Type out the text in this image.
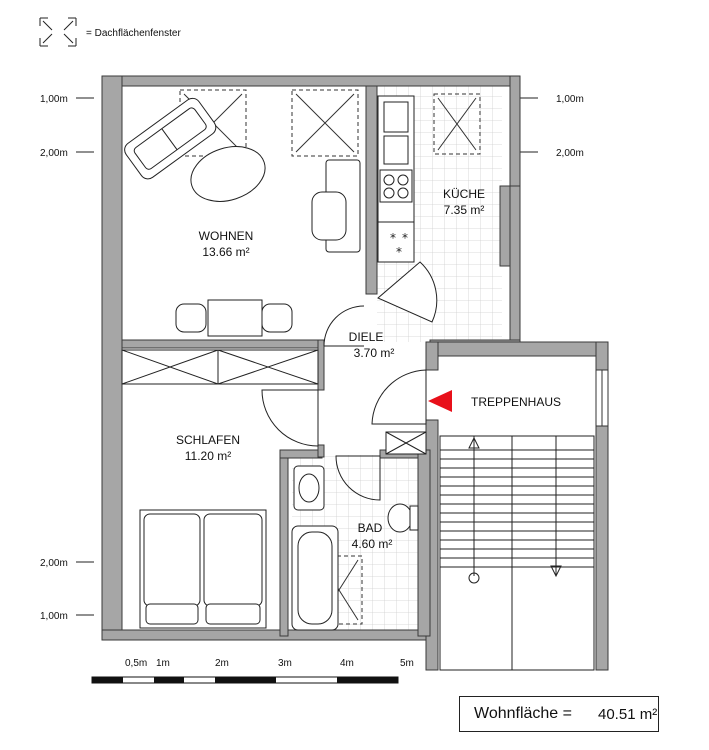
= Dachflächenfenster
1,00m
2,00m
1,00m
2,00m
2,00m
1,00m
* *
*
WOHNEN
13.66 m²
KÜCHE
7.35 m²
DIELE
3.70 m²
SCHLAFEN
11.20 m²
BAD
4.60 m²
TREPPENHAUS
0,5m 1m	2m	3m	4m	5m
Wohnfläche = 40.51 m²
